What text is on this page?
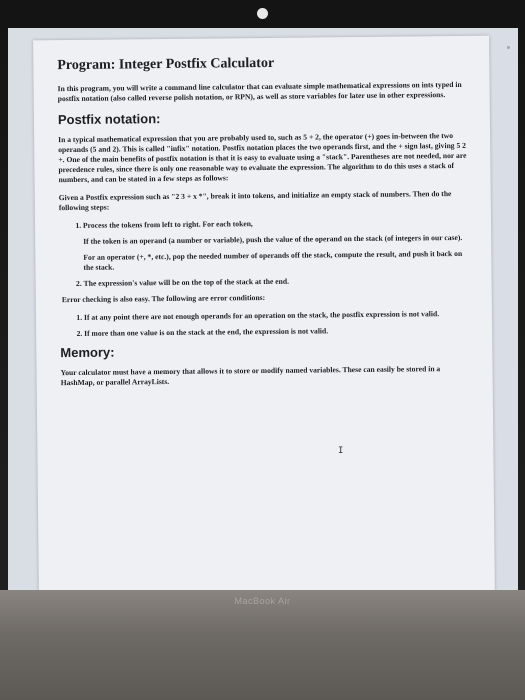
Program: Integer Postfix Calculator

In this program, you will write a command line calculator that can evaluate simple mathematical expressions on ints typed in postfix notation (also called reverse polish notation, or RPN), as well as store variables for later use in other expressions.

Postfix notation:

In a typical mathematical expression that you are probably used to, such as 5 + 2, the operator (+) goes in-between the two operands (5 and 2). This is called "infix" notation. Postfix notation places the two operands first, and the + sign last, giving 5 2 +. One of the main benefits of postfix notation is that it is easy to evaluate using a "stack". Parentheses are not needed, nor are precedence rules, since there is only one reasonable way to evaluate the expression. The algorithm to do this uses a stack of numbers, and can be stated in a few steps as follows:

Given a Postfix expression such as "2 3 + x *", break it into tokens, and initialize an empty stack of numbers. Then do the following steps:

1. Process the tokens from left to right. For each token,

If the token is an operand (a number or variable), push the value of the operand on the stack (of integers in our case).

For an operator (+, *, etc.), pop the needed number of operands off the stack, compute the result, and push it back on the stack.

2. The expression's value will be on the top of the stack at the end.

Error checking is also easy. The following are error conditions:

1. If at any point there are not enough operands for an operation on the stack, the postfix expression is not valid.
2. If more than one value is on the stack at the end, the expression is not valid.
Memory:

Your calculator must have a memory that allows it to store or modify named variables. These can easily be stored in a HashMap, or parallel ArrayLists.

I
MacBook Air
